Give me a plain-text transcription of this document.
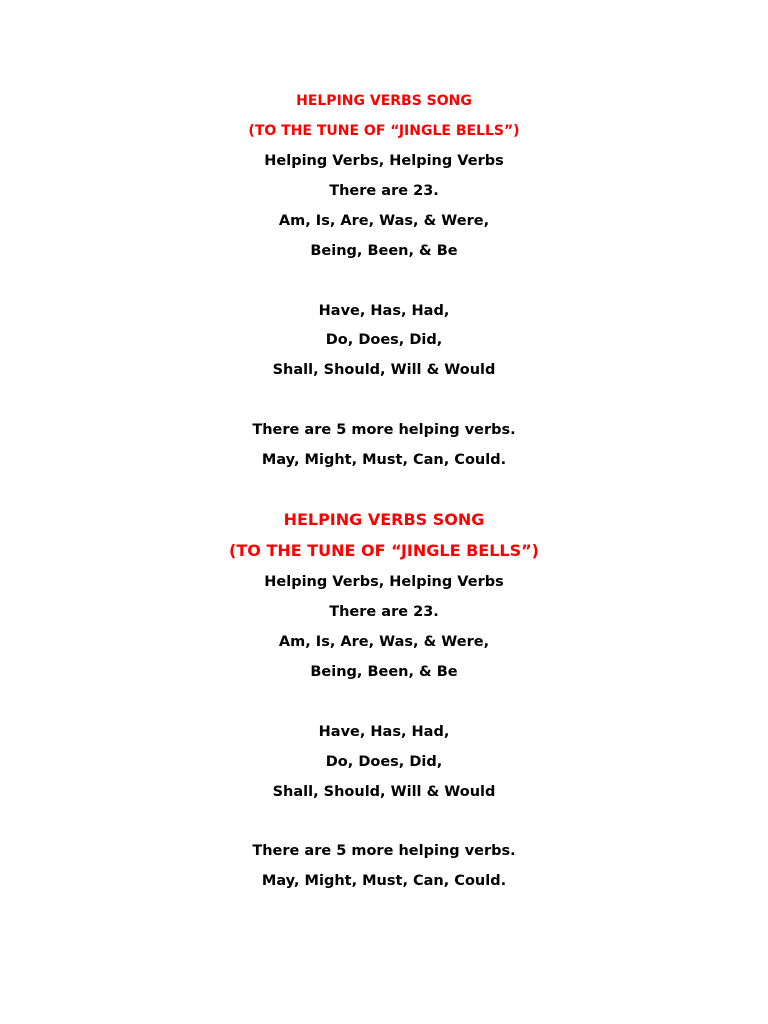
HELPING VERBS SONG
(TO THE TUNE OF “JINGLE BELLS”)
Helping Verbs, Helping Verbs
There are 23.
Am, Is, Are, Was, & Were,
Being, Been, & Be
Have, Has, Had,
Do, Does, Did,
Shall, Should, Will & Would
There are 5 more helping verbs.
May, Might, Must, Can, Could.
HELPING VERBS SONG
(TO THE TUNE OF “JINGLE BELLS”)
Helping Verbs, Helping Verbs
There are 23.
Am, Is, Are, Was, & Were,
Being, Been, & Be
Have, Has, Had,
Do, Does, Did,
Shall, Should, Will & Would
There are 5 more helping verbs.
May, Might, Must, Can, Could.
